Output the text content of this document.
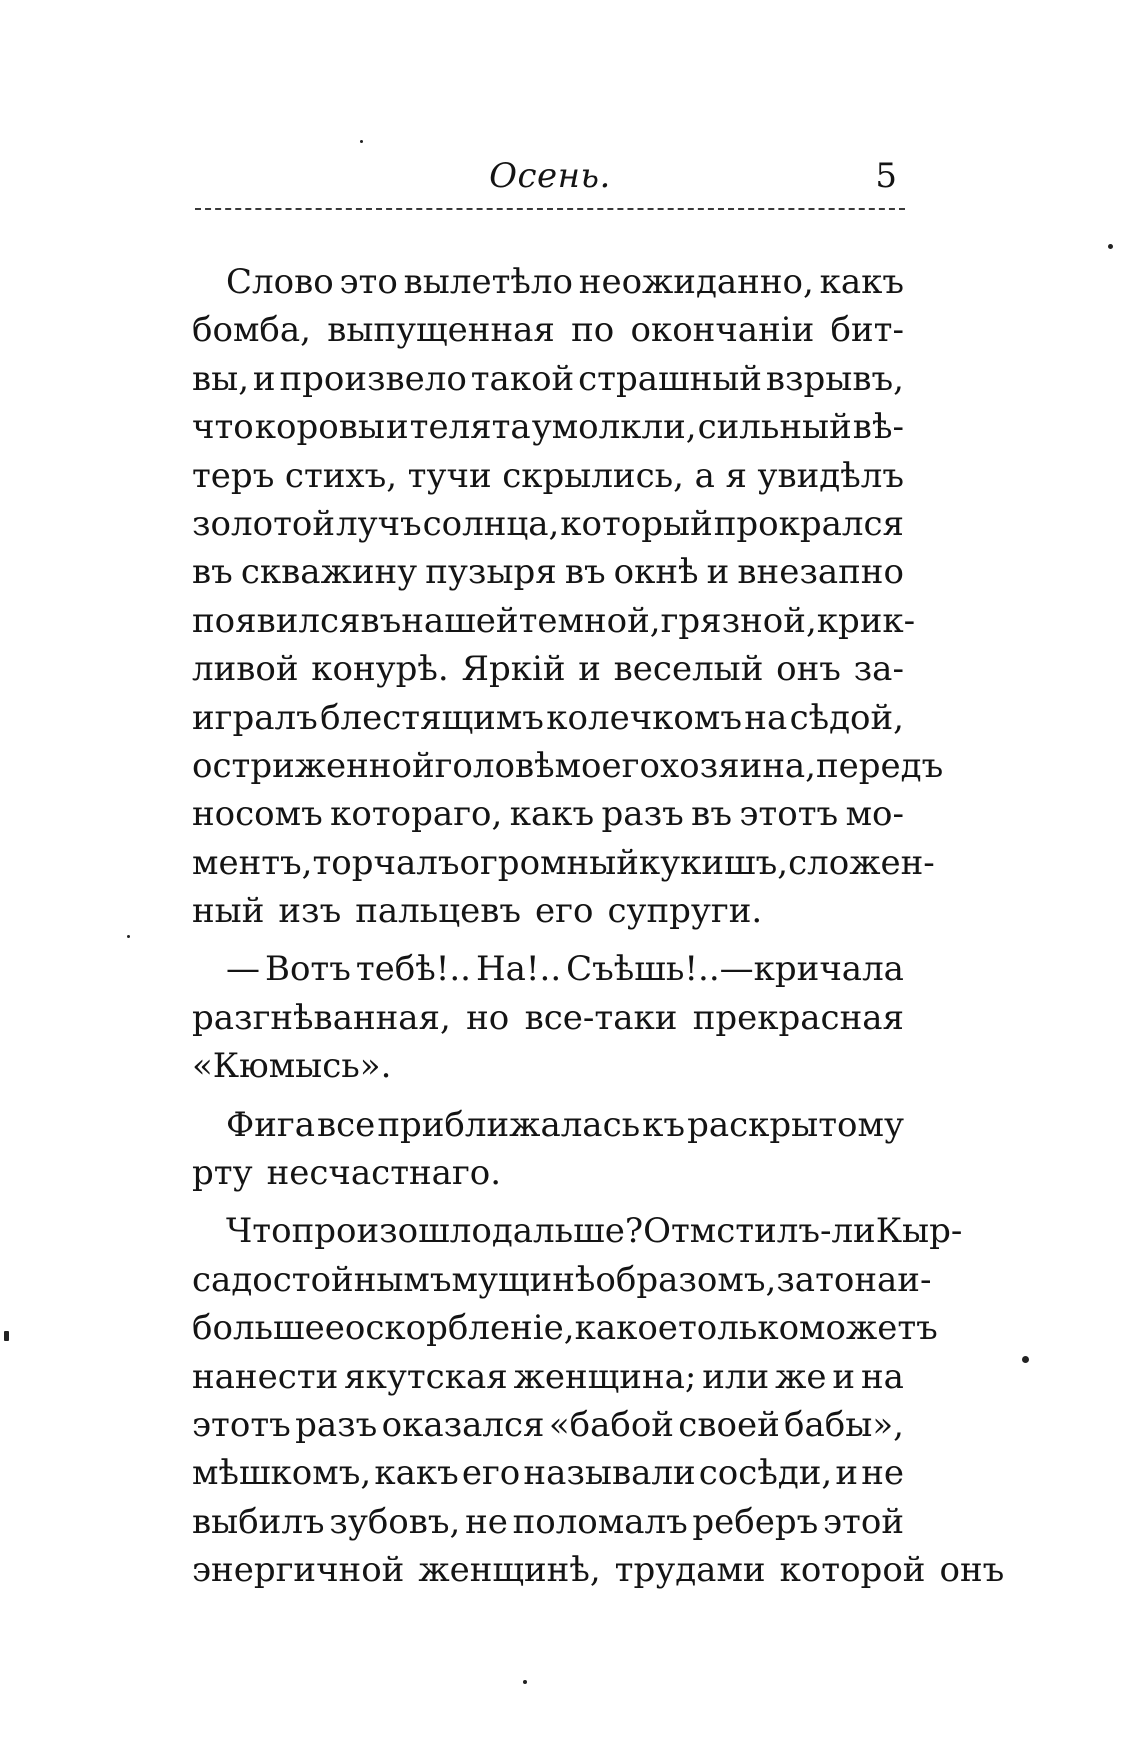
Осень.	5
Слово это вылетѣло неожиданно, какъ
бомба, выпущенная по окончаніи бит-
вы, и произвело такой страшный взрывъ,
что коровы и телята умолкли, сильный вѣ-
теръ стихъ, тучи скрылись, а я увидѣлъ
золотой лучъ солнца, который прокрался
въ скважину пузыря въ окнѣ и внезапно
появился въ нашей темной, грязной, крик-
ливой конурѣ. Яркій и веселый онъ за-
игралъ блестящимъ колечкомъ на сѣдой,
остриженной головѣ моего хозяина, передъ
носомъ котораго, какъ разъ въ этотъ мо-
ментъ, торчалъ огромный кукишъ, сложен-
ный изъ пальцевъ его супруги.
— Вотъ тебѣ!.. На!.. Съѣшь!..—кричала
разгнѣванная, но все-таки прекрасная
«Кюмысь».
Фига все приближалась къ раскрытому
рту несчастнаго.
Что произошло дальше?Отмстилъ-ли Кыр-
са достойнымъ мущинѣ образомъ, зато наи-
большее оскорбленіе, какое только можетъ
нанести якутская женщина; или же и на
этотъ разъ оказался «бабой своей бабы»,
мѣшкомъ, какъ его называли сосѣди, и не
выбилъ зубовъ, не поломалъ реберъ этой
энергичной женщинѣ, трудами которой онъ
